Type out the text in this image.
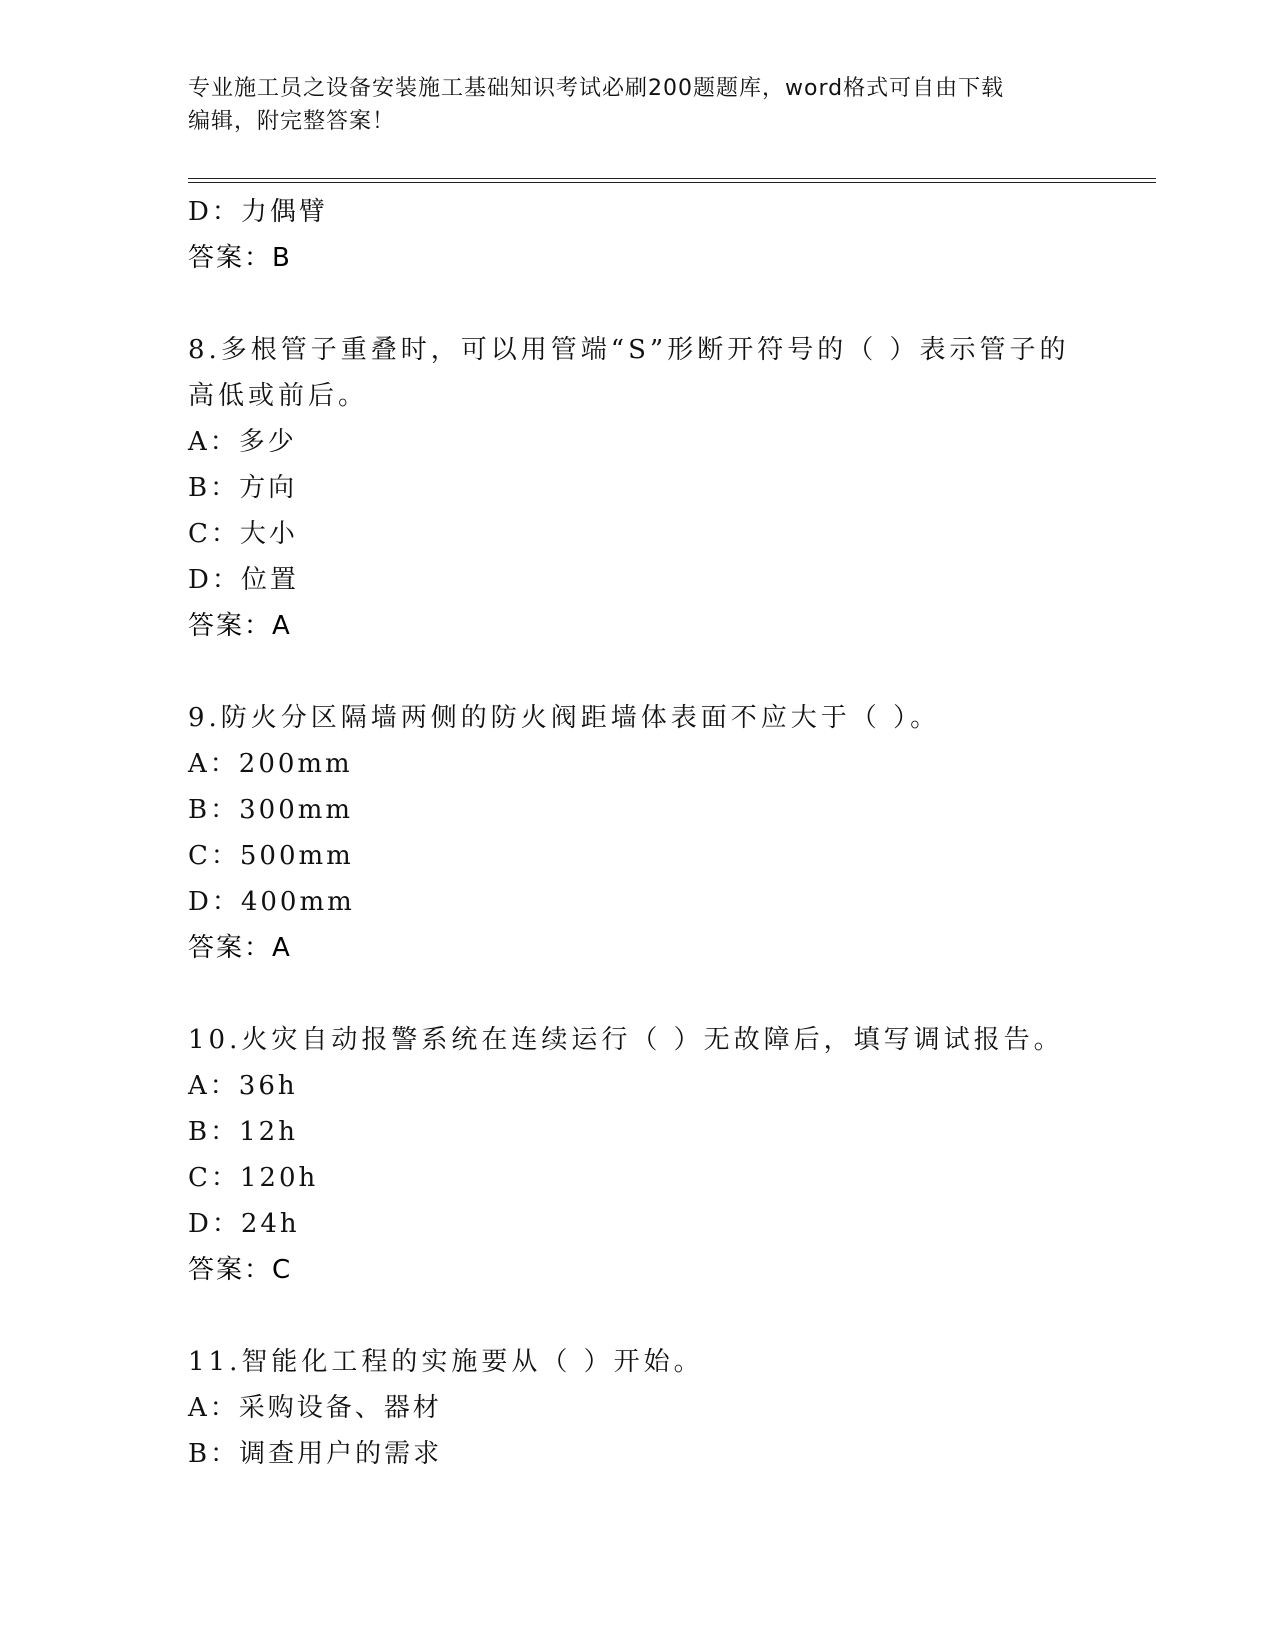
专业施工员之设备安装施工基础知识考试必刷200题题库，word格式可自由下载
编辑，附完整答案！
D：力偶臂
答案：B
8.多根管子重叠时，可以用管端“S”形断开符号的（ ）表示管子的
高低或前后。
A：多少
B：方向
C：大小
D：位置
答案：A
9.防火分区隔墙两侧的防火阀距墙体表面不应大于（ ）。
A：200mm
B：300mm
C：500mm
D：400mm
答案：A
10.火灾自动报警系统在连续运行（ ）无故障后，填写调试报告。
A：36h
B：12h
C：120h
D：24h
答案：C
11.智能化工程的实施要从（ ）开始。
A：采购设备、器材
B：调查用户的需求
